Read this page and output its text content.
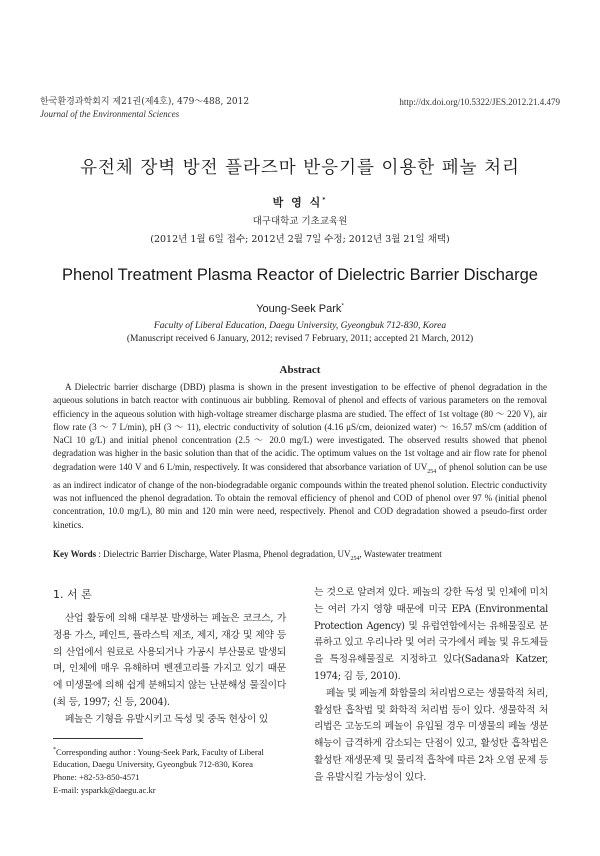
한국환경과학회지 제21권(제4호), 479～488, 2012	http://dx.doi.org/10.5322/JES.2012.21.4.479
Journal of the Environmental Sciences
유전체 장벽 방전 플라즈마 반응기를 이용한 페놀 처리
박 영 식*
대구대학교 기초교육원
(2012년 1월 6일 접수; 2012년 2월 7일 수정; 2012년 3월 21일 채택)
Phenol Treatment Plasma Reactor of Dielectric Barrier Discharge
Young-Seek Park*
Faculty of Liberal Education, Daegu University, Gyeongbuk 712-830, Korea
(Manuscript received 6 January, 2012; revised 7 February, 2011; accepted 21 March, 2012)
Abstract
A Dielectric barrier discharge (DBD) plasma is shown in the present investigation to be effective of phenol degradation in the aqueous solutions in batch reactor with continuous air bubbling. Removal of phenol and effects of various parameters on the removal efficiency in the aqueous solution with high-voltage streamer discharge plasma are studied. The effect of 1st voltage (80 ～ 220 V), air flow rate (3 ～ 7 L/min), pH (3 ～ 11), electric conductivity of solution (4.16 μS/cm, deionized water) ～ 16.57 mS/cm (addition of NaCl 10 g/L) and initial phenol concentration (2.5 ～ 20.0 mg/L) were investigated. The observed results showed that phenol degradation was higher in the basic solution than that of the acidic. The optimum values on the 1st voltage and air flow rate for phenol degradation were 140 V and 6 L/min, respectively. It was considered that absorbance variation of $UV_{254}$ of phenol solution can be use as an indirect indicator of change of the non-biodegradable organic compounds within the treated phenol solution. Electric conductivity was not influenced the phenol degradation. To obtain the removal efficiency of phenol and COD of phenol over 97 % (initial phenol concentration, 10.0 mg/L), 80 min and 120 min were need, respectively. Phenol and COD degradation showed a pseudo-first order kinetics.
Key Words : Dielectric Barrier Discharge, Water Plasma, Phenol degradation, $UV_{254}$, Wastewater treatment
1. 서 론

산업 활동에 의해 대부분 발생하는 페놀은 코크스, 가정용 가스, 페인트, 플라스틱 제조, 제지, 재강 및 제약 등의 산업에서 원료로 사용되거나 가공시 부산물로 발생되며, 인체에 매우 유해하며 벤젠고리를 가지고 있기 때문에 미생물에 의해 쉽게 분해되지 않는 난분해성 물질이다(최 등, 1997; 신 등, 2004).

페놀은 기형을 유발시키고 독성 및 중독 현상이 있

는 것으로 알려져 있다. 페놀의 강한 독성 및 인체에 미치는 여러 가지 영향 때문에 미국 EPA (Environmental Protection Agency) 및 유럽연합에서는 유해물질로 분류하고 있고 우리나라 및 여러 국가에서 페놀 및 유도체들을 특정유해물질로 지정하고 있다(Sadana와 Katzer, 1974; 김 등, 2010).

페놀 및 페놀계 화합물의 처리법으로는 생물학적 처리, 활성탄 흡착법 및 화학적 처리법 등이 있다. 생물학적 처리법은 고농도의 페놀이 유입될 경우 미생물의 페놀 생분해능이 급격하게 감소되는 단점이 있고, 활성탄 흡착법은 활성탄 재생문제 및 물리적 흡착에 따른 2차 오염 문제 등을 유발시킬 가능성이 있다.

*Corresponding author : Young-Seek Park, Faculty of Liberal Education, Daegu University, Gyeongbuk 712-830, Korea
Phone: +82-53-850-4571
E-mail: ysparkk@daegu.ac.kr
